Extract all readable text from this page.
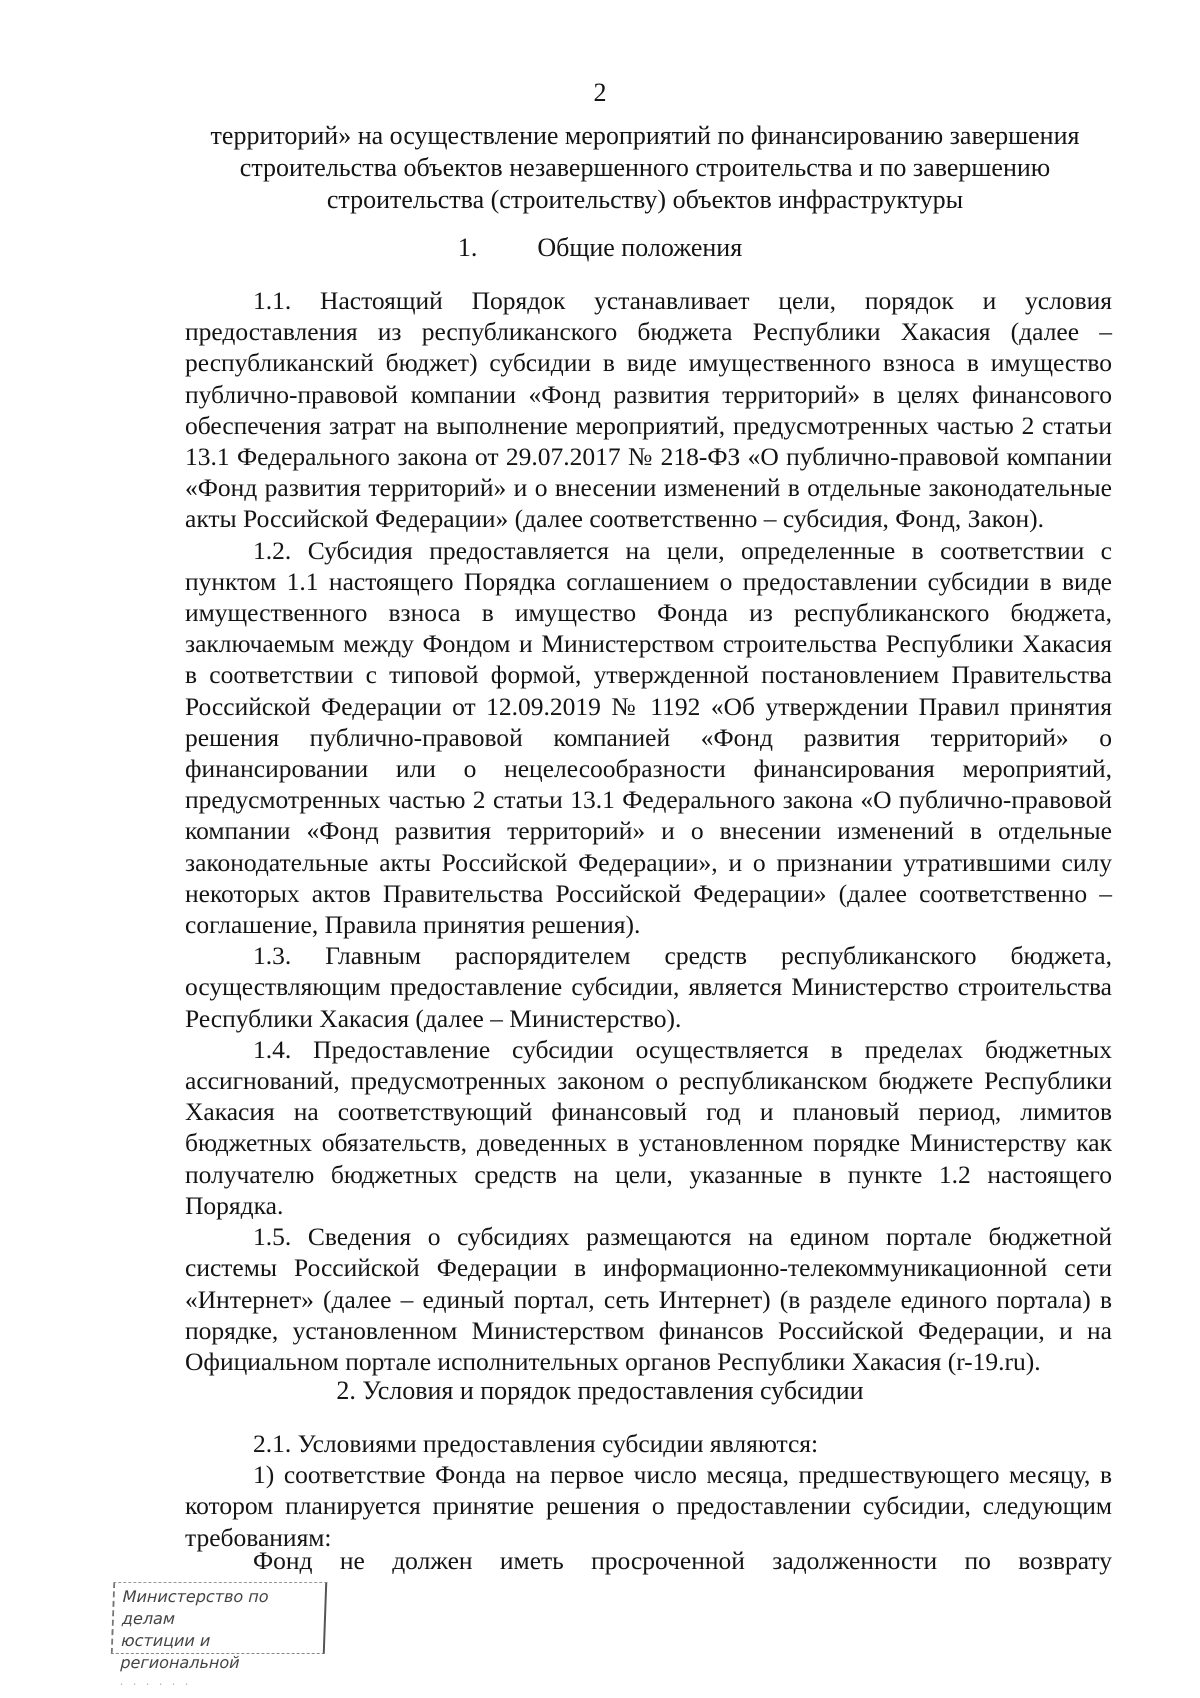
2
территорий» на осуществление мероприятий по финансированию завершения строительства объектов незавершенного строительства и по завершению строительства (строительству) объектов инфраструктуры
1. Общие положения

1.1. Настоящий Порядок устанавливает цели, порядок и условия предоставления из республиканского бюджета Республики Хакасия (далее – республиканский бюджет) субсидии в виде имущественного взноса в имущество публично-правовой компании «Фонд развития территорий» в целях финансового обеспечения затрат на выполнение мероприятий, предусмотренных частью 2 статьи 13.1 Федерального закона от 29.07.2017 № 218-ФЗ «О публично-правовой компании «Фонд развития территорий» и о внесении изменений в отдельные законодательные акты Российской Федерации» (далее соответственно – субсидия, Фонд, Закон).

1.2. Субсидия предоставляется на цели, определенные в соответствии с пунктом 1.1 настоящего Порядка соглашением о предоставлении субсидии в виде имущественного взноса в имущество Фонда из республиканского бюджета, заключаемым между Фондом и Министерством строительства Республики Хакасия в соответствии с типовой формой, утвержденной постановлением Правительства Российской Федерации от 12.09.2019 № 1192 «Об утверждении Правил принятия решения публично-правовой компанией «Фонд развития территорий» о финансировании или о нецелесообразности финансирования мероприятий, предусмотренных частью 2 статьи 13.1 Федерального закона «О публично-правовой компании «Фонд развития территорий» и о внесении изменений в отдельные законодательные акты Российской Федерации», и о признании утратившими силу некоторых актов Правительства Российской Федерации» (далее соответственно – соглашение, Правила принятия решения).

1.3. Главным распорядителем средств республиканского бюджета, осуществляющим предоставление субсидии, является Министерство строительства Республики Хакасия (далее – Министерство).

1.4. Предоставление субсидии осуществляется в пределах бюджетных ассигнований, предусмотренных законом о республиканском бюджете Республики Хакасия на соответствующий финансовый год и плановый период, лимитов бюджетных обязательств, доведенных в установленном порядке Министерству как получателю бюджетных средств на цели, указанные в пункте 1.2 настоящего Порядка.

1.5. Сведения о субсидиях размещаются на едином портале бюджетной системы Российской Федерации в информационно-телекоммуникационной сети «Интернет» (далее – единый портал, сеть Интернет) (в разделе единого портала) в порядке, установленном Министерством финансов Российской Федерации, и на Официальном портале исполнительных органов Республики Хакасия (r-19.ru).

2. Условия и порядок предоставления субсидии

2.1. Условиями предоставления субсидии являются:

1) соответствие Фонда на первое число месяца, предшествующего месяцу, в котором планируется принятие решения о предоставлении субсидии, следующим требованиям:

Фонд не должен иметь просроченной задолженности по возврату
Министерство по делам
юстиции и региональной
· · · · · ·
